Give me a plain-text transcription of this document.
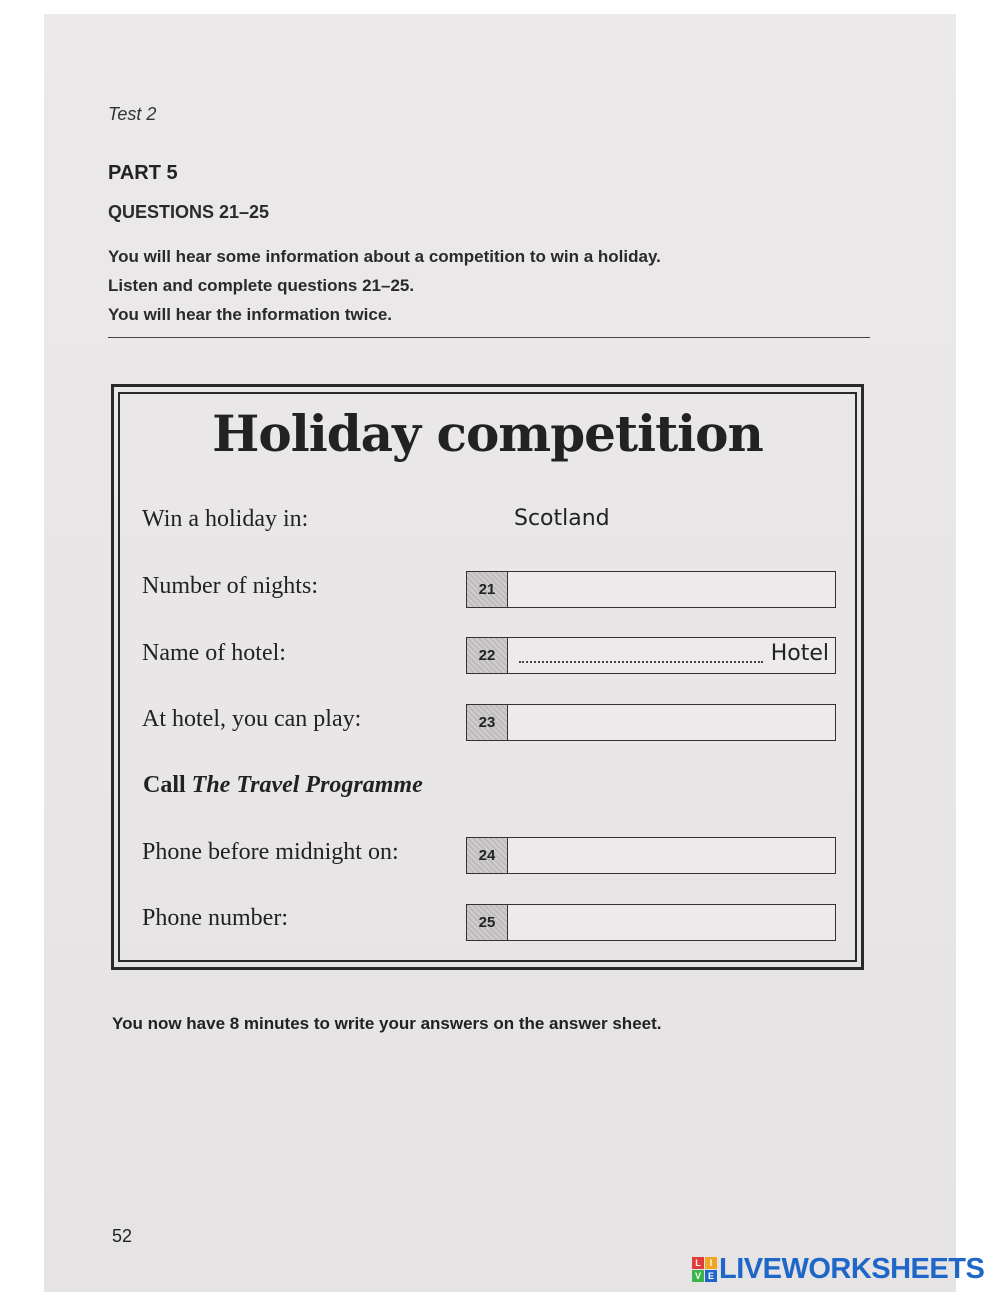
Test 2
PART 5
QUESTIONS 21–25
You will hear some information about a competition to win a holiday.
Listen and complete questions 21–25.
You will hear the information twice.
Holiday competition
Win a holiday in:	Scotland
Number of nights:	21
Name of hotel:	22	Hotel
At hotel, you can play:	23
Call The Travel Programme
Phone before midnight on:	24
Phone number:	25
You now have 8 minutes to write your answers on the answer sheet.
52
L I
V E LIVEWORKSHEETS
